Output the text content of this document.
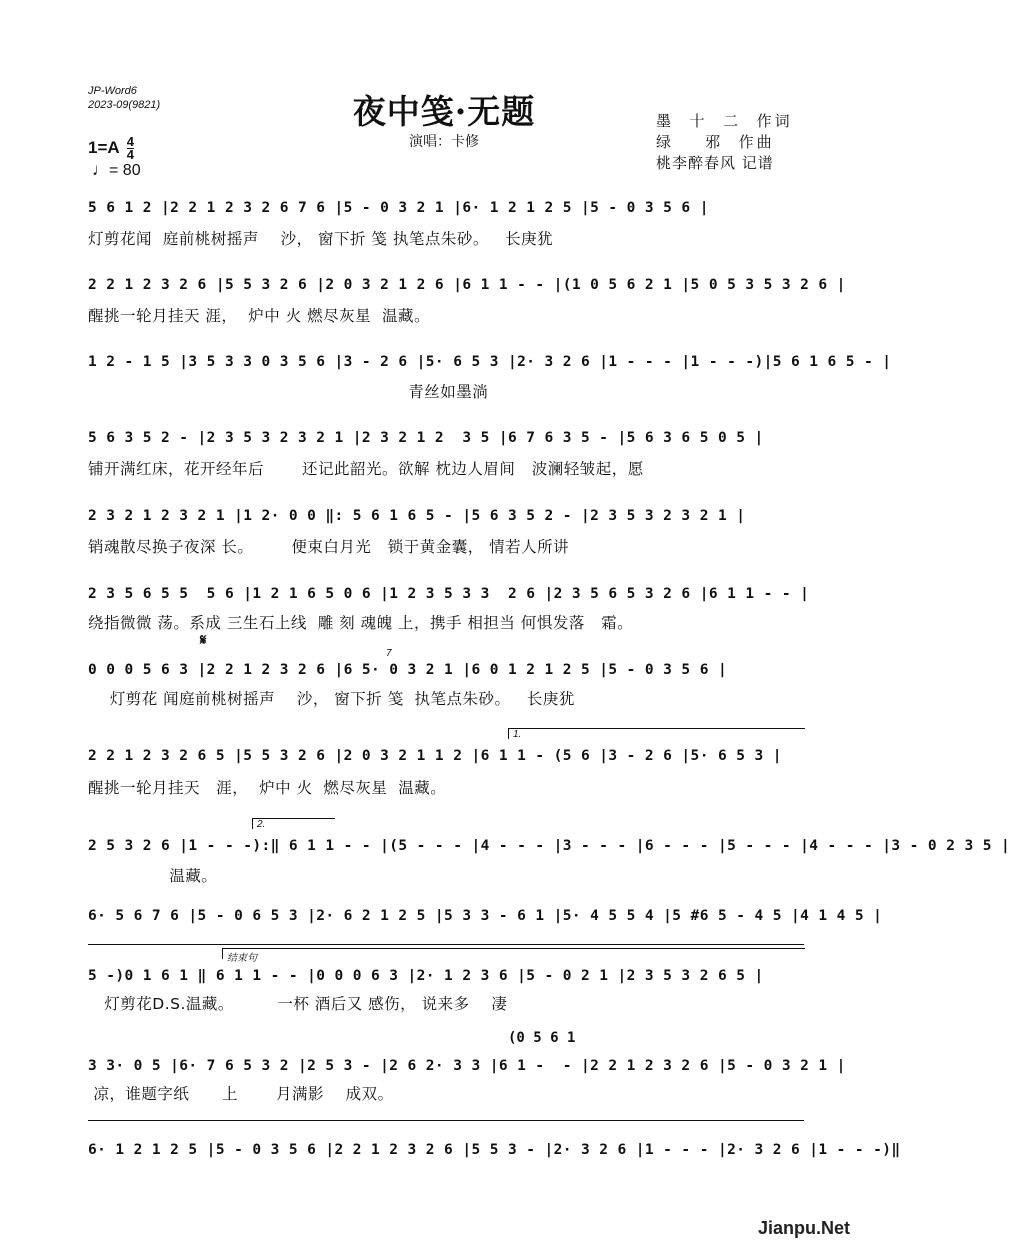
JP-Word6
2023-09(9821)	夜中笺·无题
演唱：卡修
墨  十  二  作词
绿    邪  作曲
桃李醉春风 记谱
$1=A \frac{4}{4}$
♩= 80
5 6 1 2 |2 2 1 2 3 2 6 7 6 |5 - 0 3 2 1 |6· 1 2 1 2 5 |5 - 0 3 5 6 |
灯剪花闻  庭前桃树摇声    沙， 窗下折 笺 执笔点朱砂。   长庚犹
2 2 1 2 3 2 6 |5 5 3 2 6 |2 0 3 2 1 2 6 |6 1 1 - - |(1 0 5 6 2 1 |5 0 5 3 5 3 2 6 |
醒挑一轮月挂天 涯，  炉中 火 燃尽灰星  温藏。
1 2 - 1 5 |3 5 3 3 0 3 5 6 |3 - 2 6 |5· 6 5 3 |2· 3 2 6 |1 - - - |1 - - -)|5 6 1 6 5 - |
青丝如墨淌
5 6 3 5 2 - |2 3 5 3 2 3 2 1 |2 3 2 1 2  3 5 |6 7 6 3 5 - |5 6 3 6 5 0 5 |
铺开满红床，花开经年后       还记此韶光。欲解 枕边人眉间   波澜轻皱起，愿
2 3 2 1 2 3 2 1 |1 2· 0 0 ‖: 5 6 1 6 5 - |5 6 3 5 2 - |2 3 5 3 2 3 2 1 |
销魂散尽换子夜深 长。       便束白月光   锁于黄金囊， 情若人所讲
2 3 5 6 5 5  5 6 |1 2 1 6 5 0 6 |1 2 3 5 3 3  2 6 |2 3 5 6 5 3 2 6 |6 1 1 - - |
绕指微微 荡。系成 三生石上线  雕 刻 魂魄 上，携手 相担当 何惧发落   霜。
𝄋
7
0 0 0 5 6 3 |2 2 1 2 3 2 6 |6 5· 0 3 2 1 |6 0 1 2 1 2 5 |5 - 0 3 5 6 |
灯剪花 闻庭前桃树摇声    沙， 窗下折 笺  执笔点朱砂。   长庚犹
1.
2 2 1 2 3 2 6 5 |5 5 3 2 6 |2 0 3 2 1 1 2 |6 1 1 - (5 6 |3 - 2 6 |5· 6 5 3 |
醒挑一轮月挂天   涯，  炉中 火  燃尽灰星  温藏。
2.
2 5 3 2 6 |1 - - -):‖ 6 1 1 - - |(5 - - - |4 - - - |3 - - - |6 - - - |5 - - - |4 - - - |3 - 0 2 3 5 |
温藏。
6· 5 6 7 6 |5 - 0 6 5 3 |2· 6 2 1 2 5 |5 3 3 - 6 1 |5· 4 5 5 4 |5 #6 5 - 4 5 |4 1 4 5 |
结束句
5 -)0 1 6 1 ‖ 6 1 1 - - |0 0 0 6 3 |2· 1 2 3 6 |5 - 0 2 1 |2 3 5 3 2 6 5 |
灯剪花D.S.温藏。        一杯 酒后又 感伤， 说来多    凄
(0 5 6 1
3 3· 0 5 |6· 7 6 5 3 2 |2 5 3 - |2 6 2· 3 3 |6 1 -  - |2 2 1 2 3 2 6 |5 - 0 3 2 1 |
凉，谁题字纸      上       月满影    成双。
6· 1 2 1 2 5 |5 - 0 3 5 6 |2 2 1 2 3 2 6 |5 5 3 - |2· 3 2 6 |1 - - - |2· 3 2 6 |1 - - -)‖
Jianpu.Net
